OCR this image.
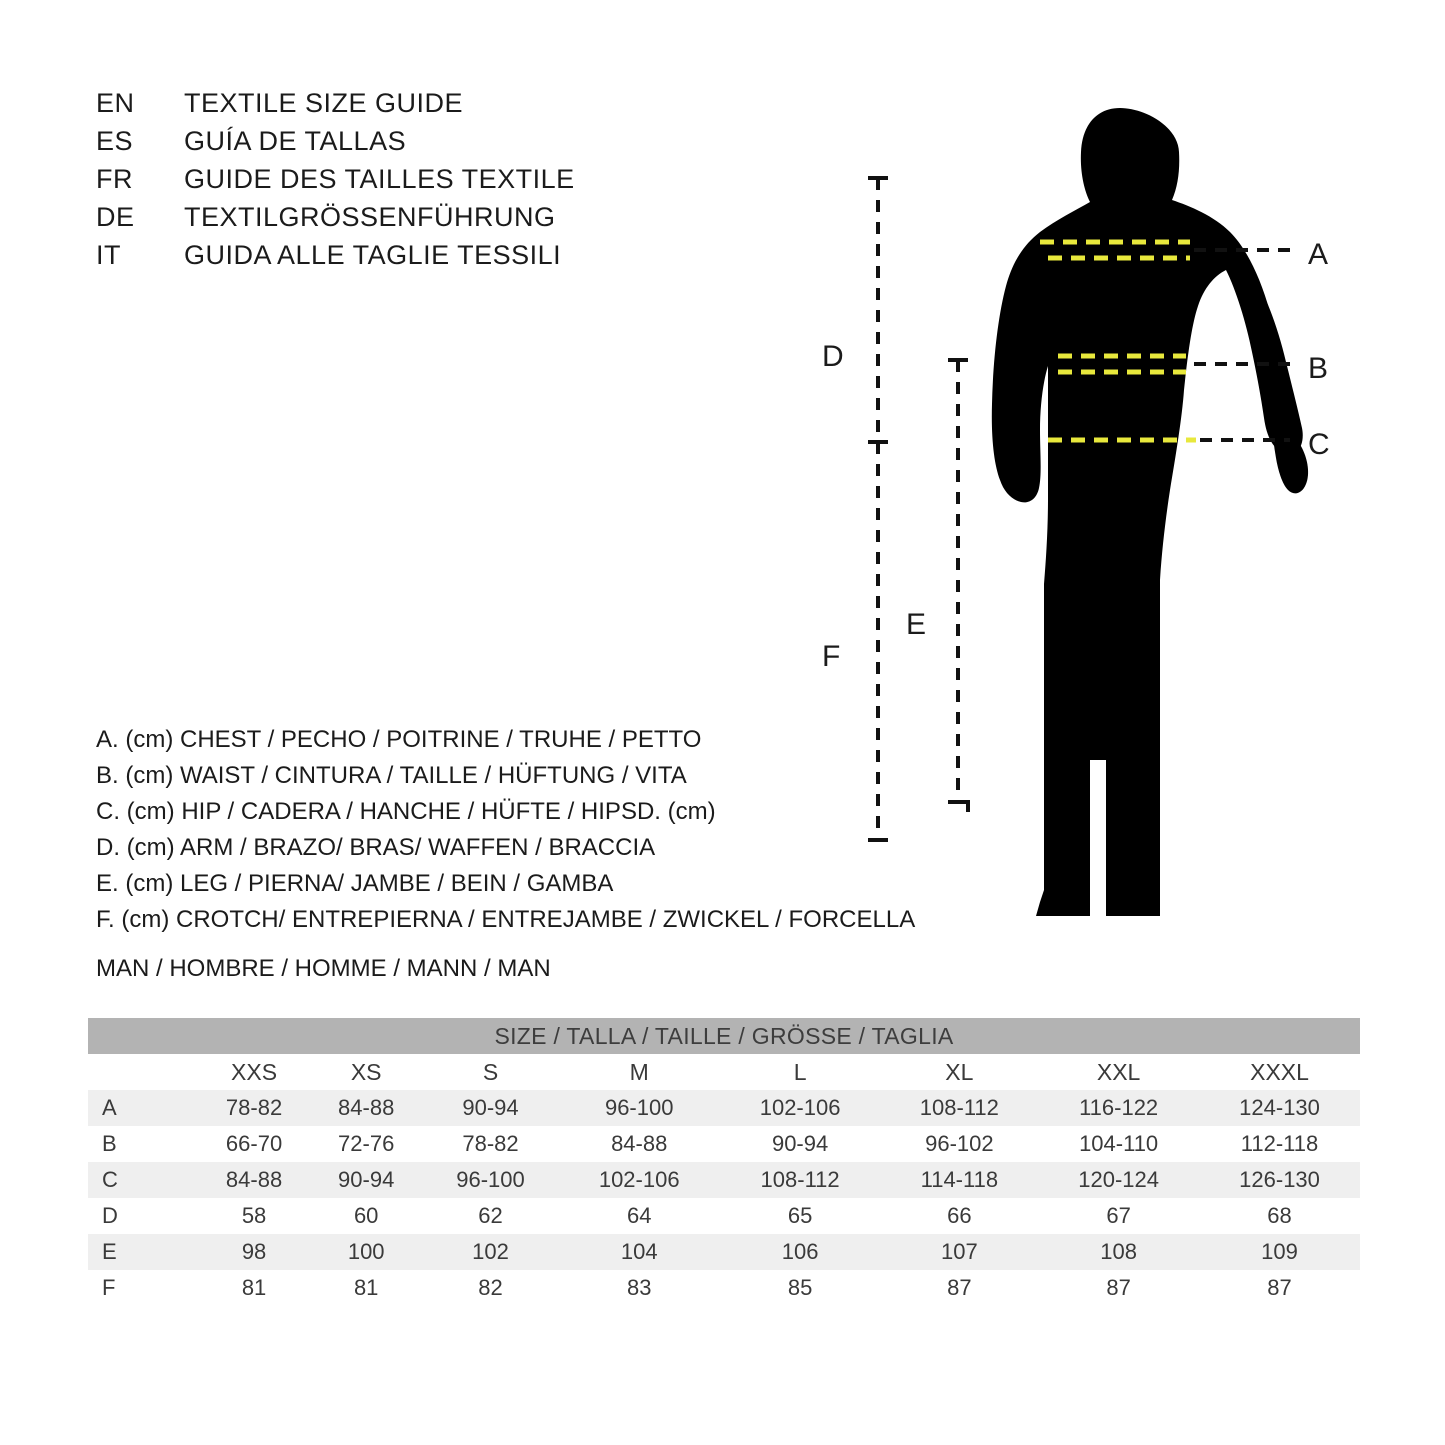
EN	TEXTILE SIZE GUIDE
ES	GUÍA DE TALLAS
FR	GUIDE DES TAILLES TEXTILE
DE	TEXTILGRÖSSENFÜHRUNG
IT	GUIDA ALLE TAGLIE TESSILI	A
B
C
D
E
F
A. (cm) CHEST / PECHO / POITRINE / TRUHE / PETTO
B. (cm) WAIST / CINTURA / TAILLE / HÜFTUNG / VITA
C. (cm) HIP / CADERA / HANCHE / HÜFTE / HIPSD. (cm)
D. (cm) ARM / BRAZO/ BRAS/ WAFFEN / BRACCIA
E. (cm) LEG / PIERNA/ JAMBE / BEIN / GAMBA
F. (cm) CROTCH/ ENTREPIERNA / ENTREJAMBE / ZWICKEL / FORCELLA
MAN / HOMBRE / HOMME / MANN / MAN
SIZE / TALLA / TAILLE / GRÖSSE / TAGLIA								
	XXS	XS	S	M	L	XL	XXL	XXXL
A	78-82	84-88	90-94	96-100	102-106	108-112	116-122	124-130
B	66-70	72-76	78-82	84-88	90-94	96-102	104-110	112-118
C	84-88	90-94	96-100	102-106	108-112	114-118	120-124	126-130
D	58	60	62	64	65	66	67	68
E	98	100	102	104	106	107	108	109
F	81	81	82	83	85	87	87	87
